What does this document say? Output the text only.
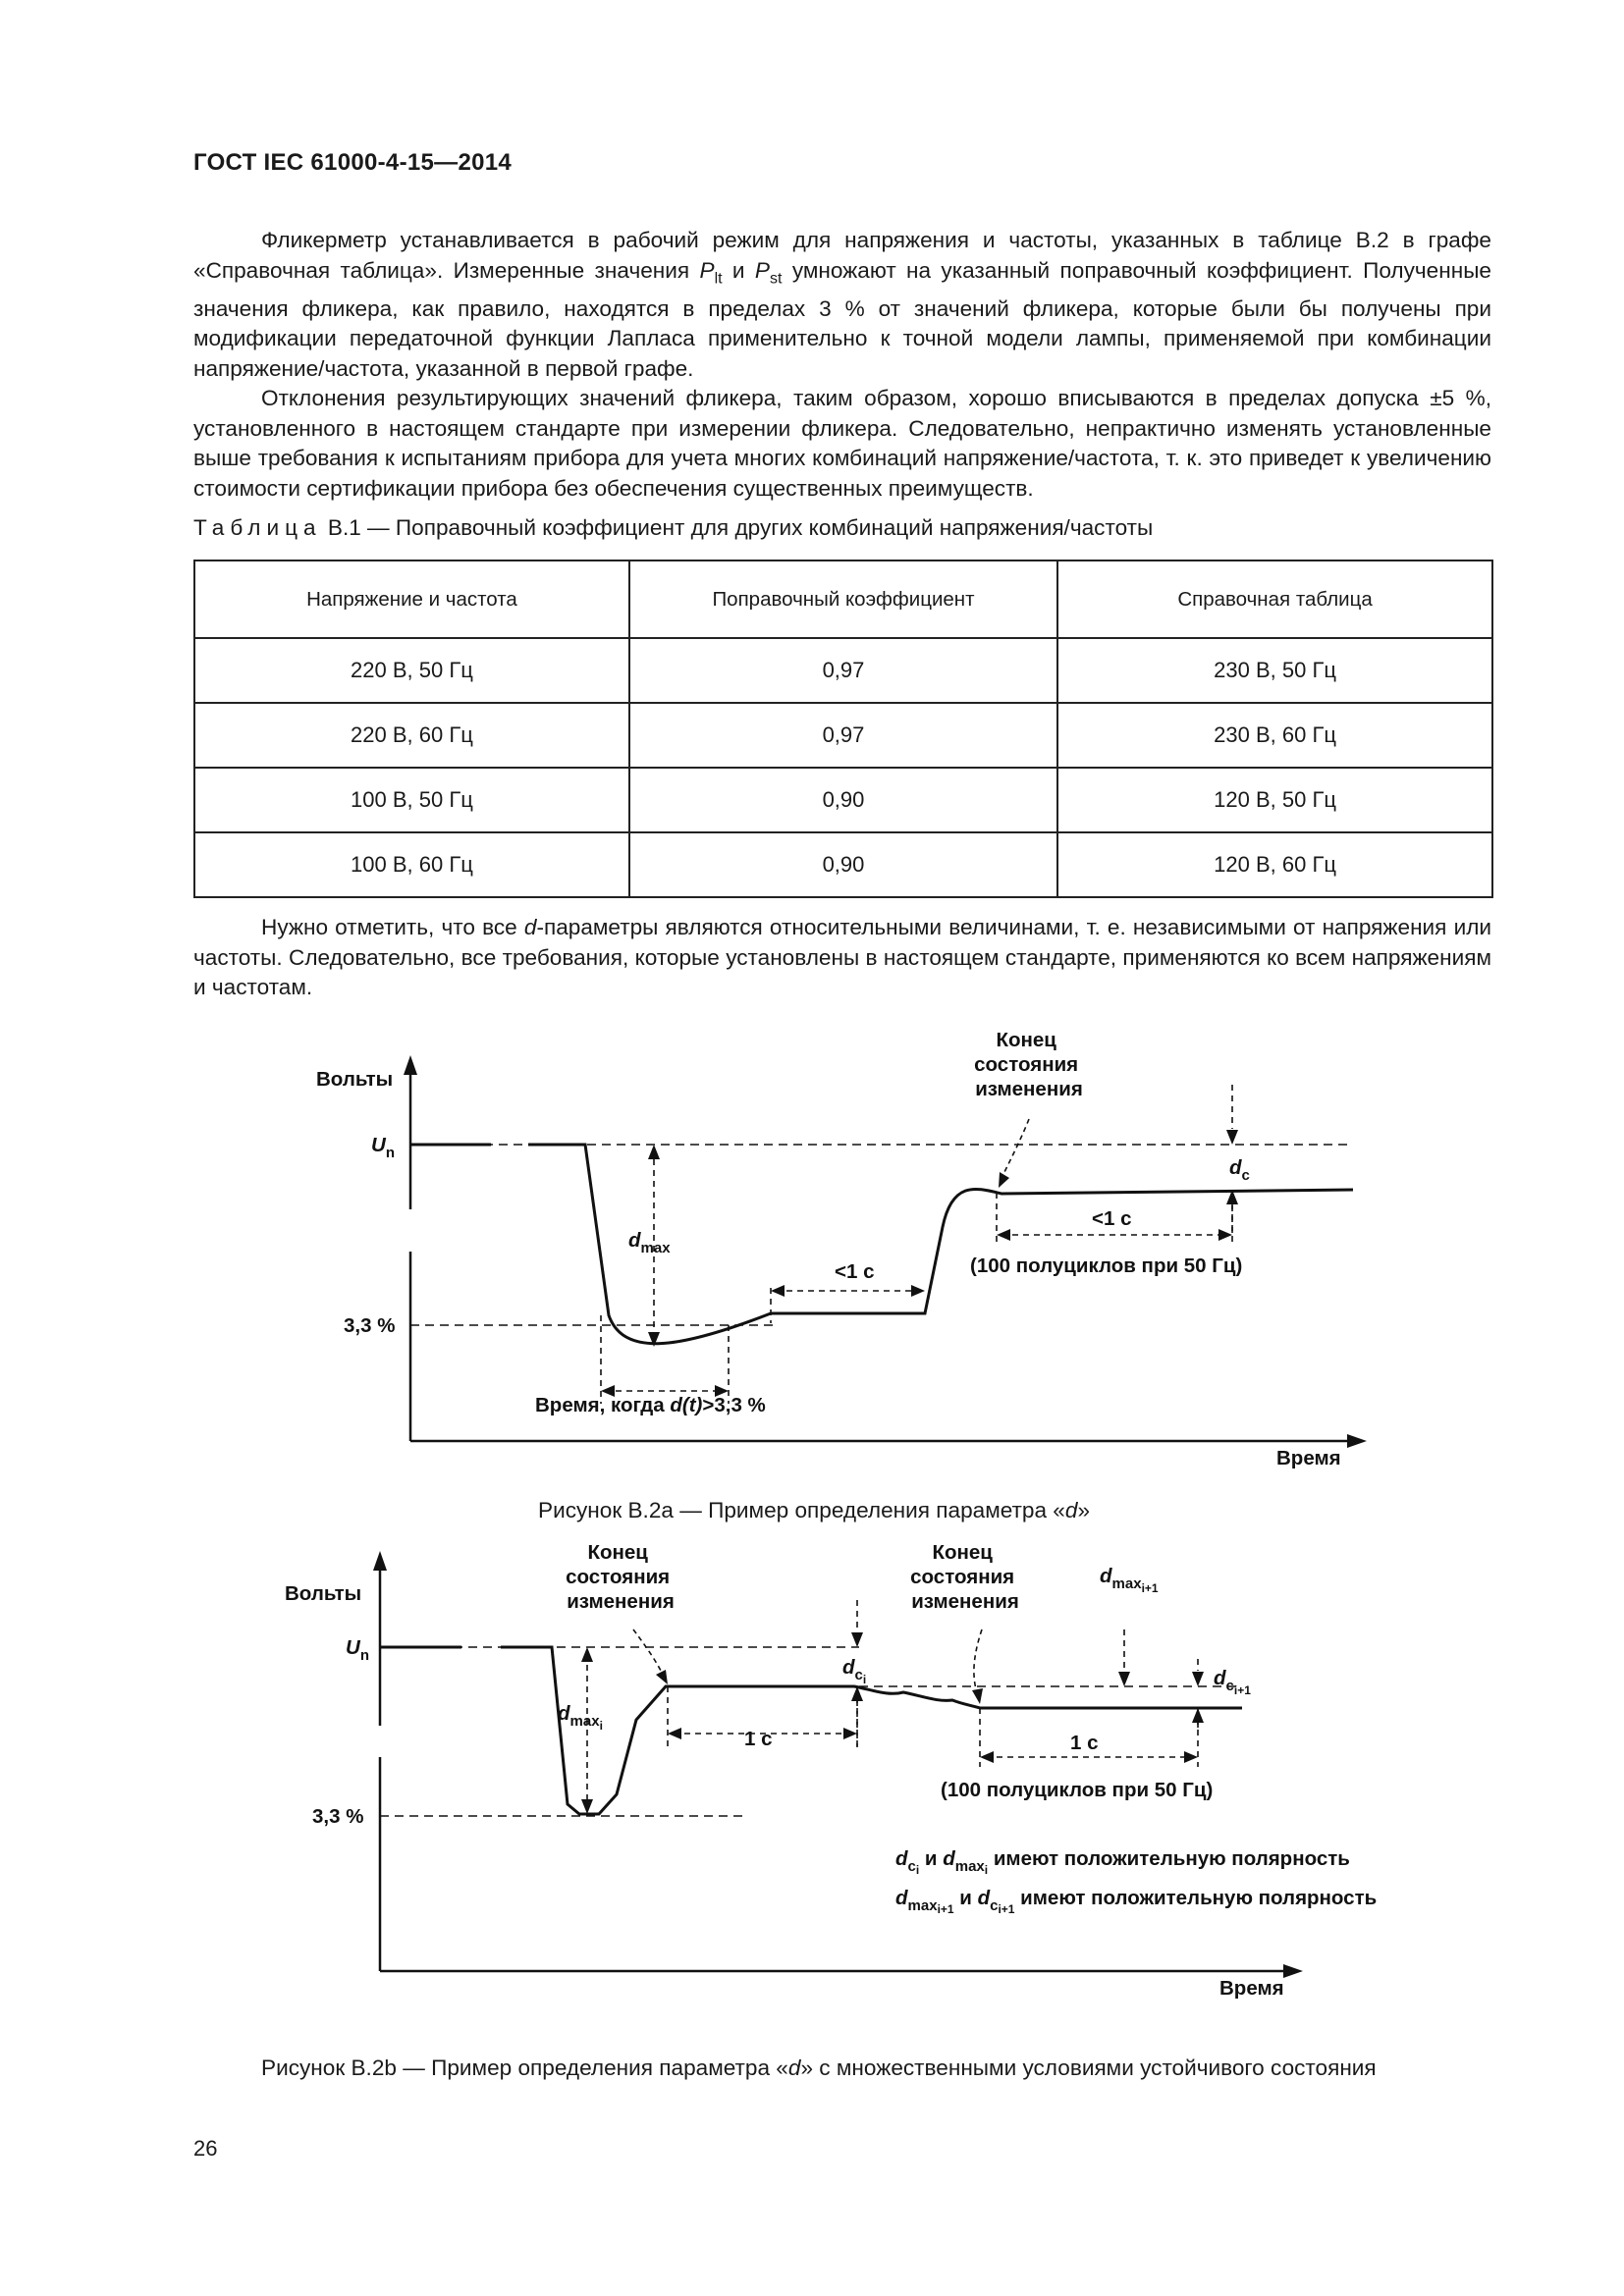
ГОСТ IEC 61000-4-15—2014

Фликерметр устанавливается в рабочий режим для напряжения и частоты, указанных в таблице В.2 в графе «Справочная таблица». Измеренные значения $P_{lt}$ и $P_{st}$ умножают на указанный поправочный коэффициент. Полученные значения фликера, как правило, находятся в пределах 3 % от значений фликера, которые были бы получены при модификации передаточной функции Лапласа применительно к точной модели лампы, применяемой при комбинации напряжение/частота, указанной в первой графе.

Отклонения результирующих значений фликера, таким образом, хорошо вписываются в пределах допуска ±5 %, установленного в настоящем стандарте при измерении фликера. Следовательно, непрактично изменять установленные выше требования к испытаниям прибора для учета многих комбинаций напряжение/частота, т. к. это приведет к увеличению стоимости сертификации прибора без обеспечения существенных преимуществ.

Таблица В.1 — Поправочный коэффициент для других комбинаций напряжения/частоты
Напряжение и частота	Поправочный коэффициент	Справочная таблица
220 В, 50 Гц	0,97	230 В, 50 Гц
220 В, 60 Гц	0,97	230 В, 60 Гц
100 В, 50 Гц	0,90	120 В, 50 Гц
100 В, 60 Гц	0,90	120 В, 60 Гц

Нужно отметить, что все d-параметры являются относительными величинами, т. е. независимыми от напряжения или частоты. Следовательно, все требования, которые установлены в настоящем стандарте, применяются ко всем напряжениям и частотам.

Вольты
Время
$U_n$
3,3 %
$d_{max}$
$d_c$
<1 с
<1 с
(100 полуциклов при 50 Гц)
Конец состояния изменения
Время, когда d(t)>3,3 %
Рисунок В.2а — Пример определения параметра «d»
Вольты
Время
$U_n$
3,3 %
Конец состояния изменения
Конец состояния изменения
$d_{max}i$
$d_ci$
$d_{max}i+1$
$d_ci+1$
1 с	1 с
(100 полуциклов при 50 Гц)
$d_ci$ и $d_{max}i$ имеют положительную полярность
$d_{max}i+1$ и $d_ci+1$ имеют положительную полярность
Рисунок В.2b — Пример определения параметра «d» с множественными условиями устойчивого состояния
26
